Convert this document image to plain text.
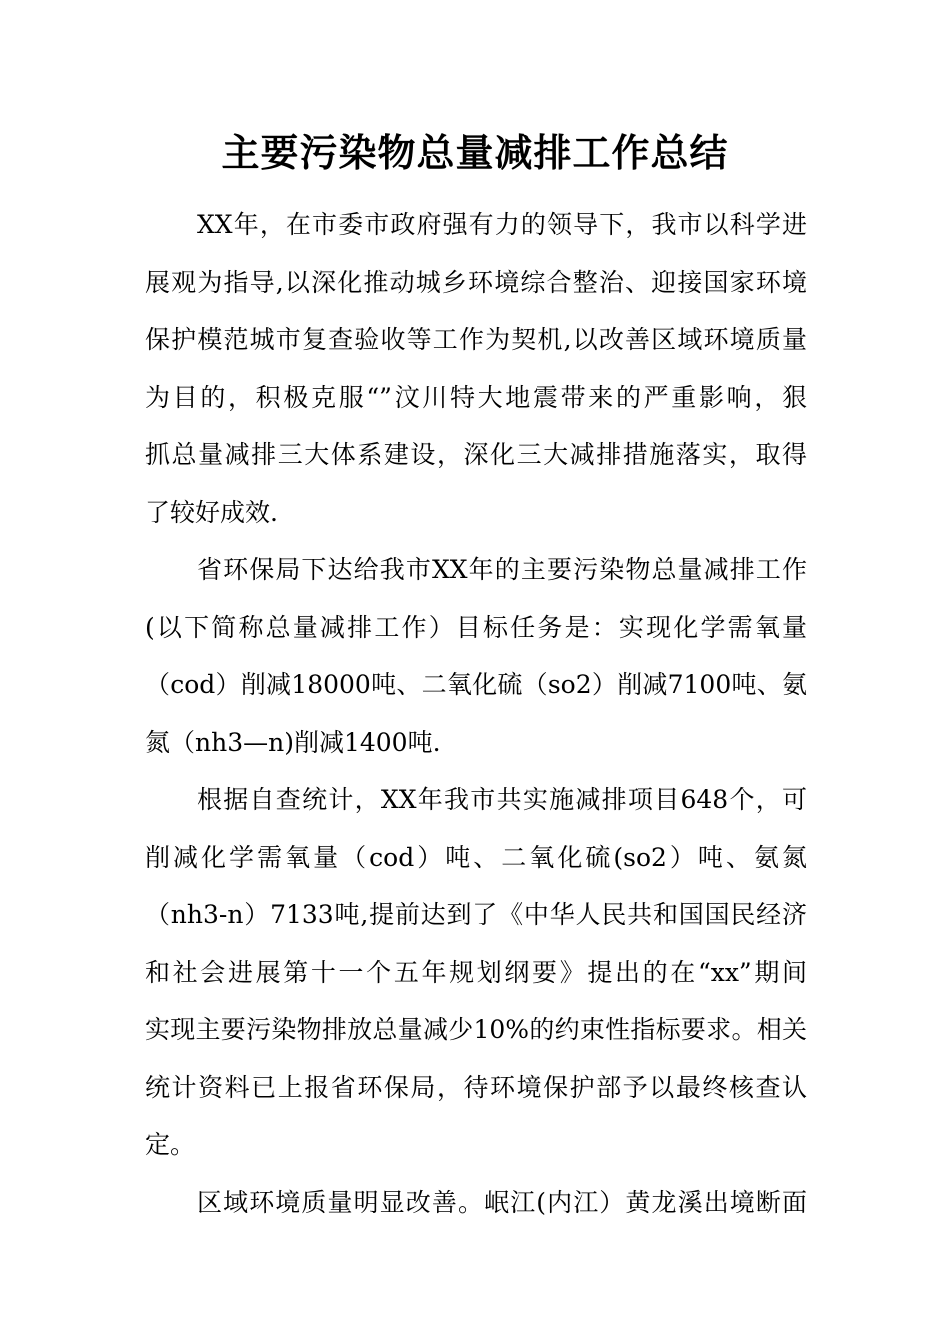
主要污染物总量减排工作总结

XX年，在市委市政府强有力的领导下，我市以科学进
展观为指导,以深化推动城乡环境综合整治、迎接国家环境
保护模范城市复查验收等工作为契机,以改善区域环境质量
为目的，积极克服“”汶川特大地震带来的严重影响，狠
抓总量减排三大体系建设，深化三大减排措施落实，取得
了较好成效.

省环保局下达给我市XX年的主要污染物总量减排工作
(以下简称总量减排工作）目标任务是：实现化学需氧量
（cod）削减18000吨、二氧化硫（so2）削减7100吨、氨
氮（nh3—n)削减1400吨.

根据自查统计，XX年我市共实施减排项目648个，可
削减化学需氧量（cod）吨、二氧化硫(so2）吨、氨氮
（nh3-n）7133吨,提前达到了《中华人民共和国国民经济
和社会进展第十一个五年规划纲要》提出的在“xx”期间
实现主要污染物排放总量减少10%的约束性指标要求。相关
统计资料已上报省环保局，待环境保护部予以最终核查认
定。

区域环境质量明显改善。岷江(内江）黄龙溪出境断面
